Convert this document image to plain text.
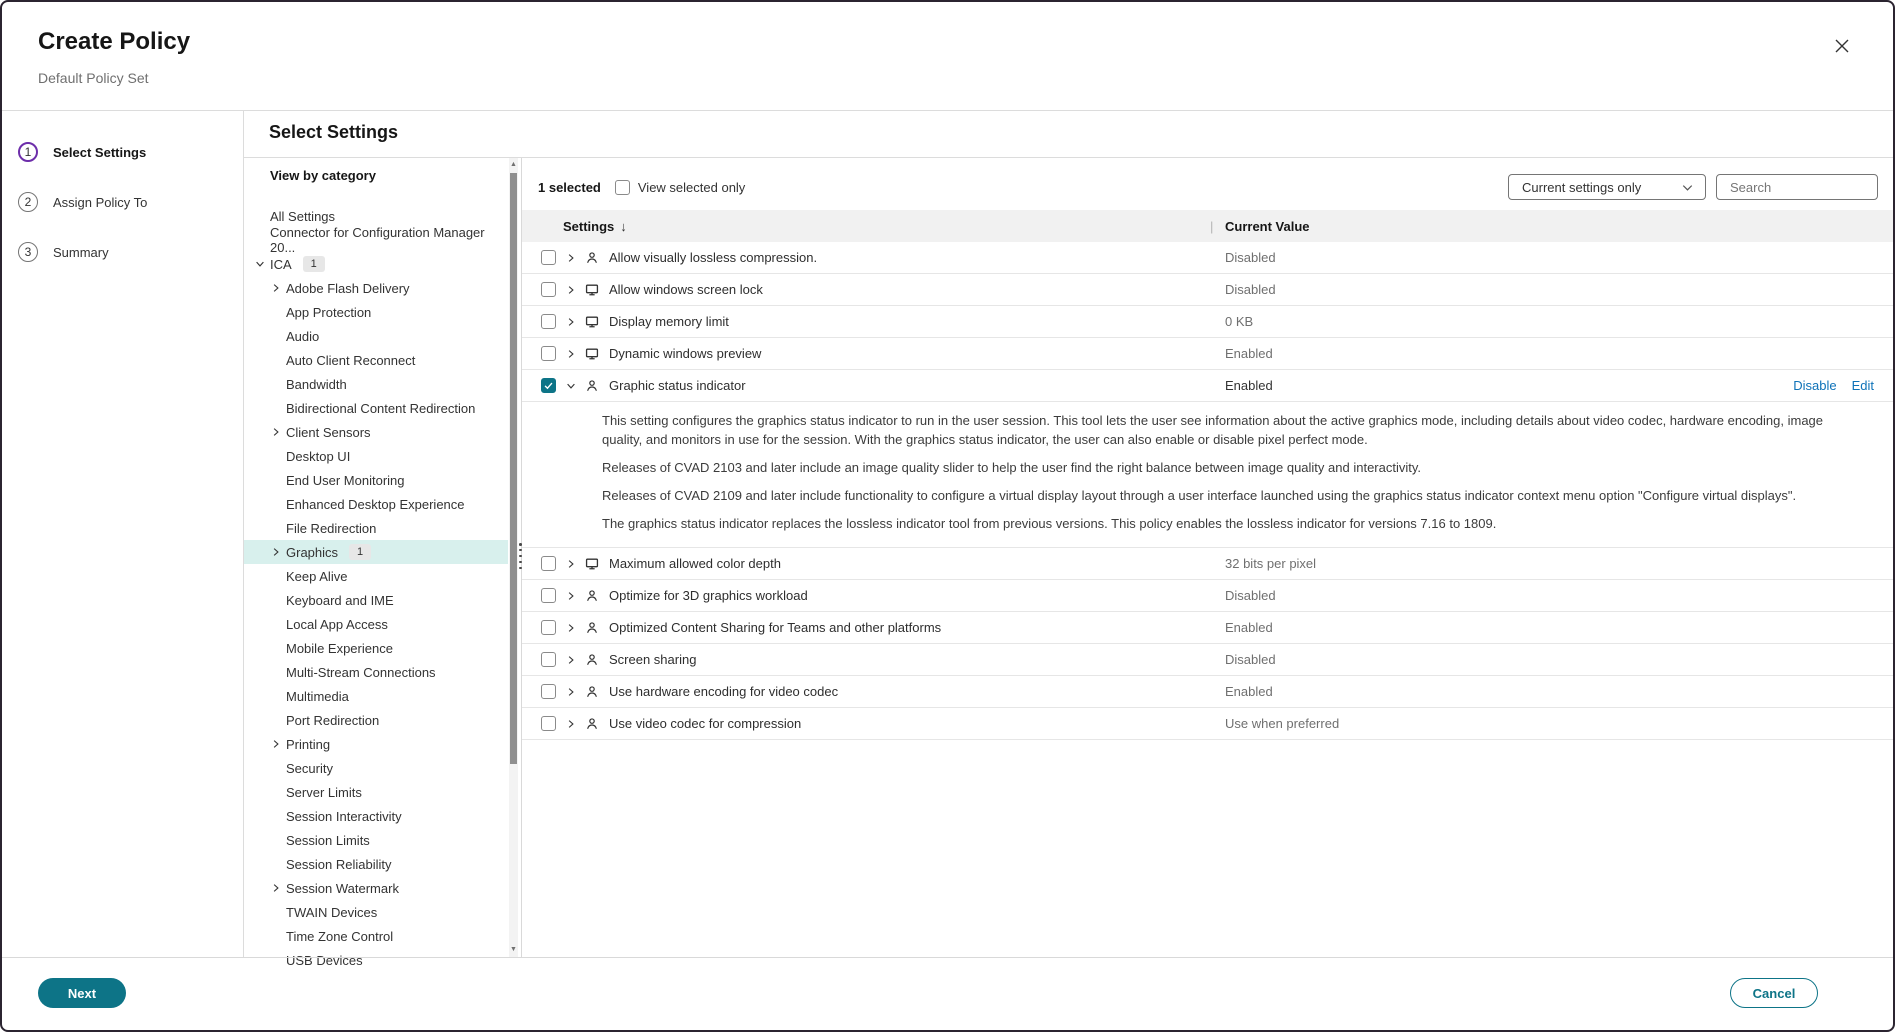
Create Policy
Default Policy Set
1	Select Settings
2	Assign Policy To
3	Summary
Select Settings
View by category
All Settings
Connector for Configuration Manager 20...
ICA	1
Adobe Flash Delivery
App Protection
Audio
Auto Client Reconnect
Bandwidth
Bidirectional Content Redirection
Client Sensors
Desktop UI
End User Monitoring
Enhanced Desktop Experience
File Redirection
Graphics	1
Keep Alive
Keyboard and IME
Local App Access
Mobile Experience
Multi-Stream Connections
Multimedia
Port Redirection
Printing
Security
Server Limits
Session Interactivity
Session Limits
Session Reliability
Session Watermark
TWAIN Devices
Time Zone Control
USB Devices
▲
▼
1 selected	View selected only	Current settings only
Search
Settings ↓	| Current Value
Allow visually lossless compression.	Disabled
Allow windows screen lock	Disabled
Display memory limit	0 KB
Dynamic windows preview	Enabled
Graphic status indicator	Enabled	Disable Edit

This setting configures the graphics status indicator to run in the user session. This tool lets the user see information about the active graphics mode, including details about video codec, hardware encoding, image quality, and monitors in use for the session. With the graphics status indicator, the user can also enable or disable pixel perfect mode.

Releases of CVAD 2103 and later include an image quality slider to help the user find the right balance between image quality and interactivity.

Releases of CVAD 2109 and later include functionality to configure a virtual display layout through a user interface launched using the graphics status indicator context menu option "Configure virtual displays".

The graphics status indicator replaces the lossless indicator tool from previous versions. This policy enables the lossless indicator for versions 7.16 to 1809.

Maximum allowed color depth	32 bits per pixel
Optimize for 3D graphics workload	Disabled
Optimized Content Sharing for Teams and other platforms	Enabled
Screen sharing	Disabled
Use hardware encoding for video codec	Enabled
Use video codec for compression	Use when preferred
Next	Cancel
